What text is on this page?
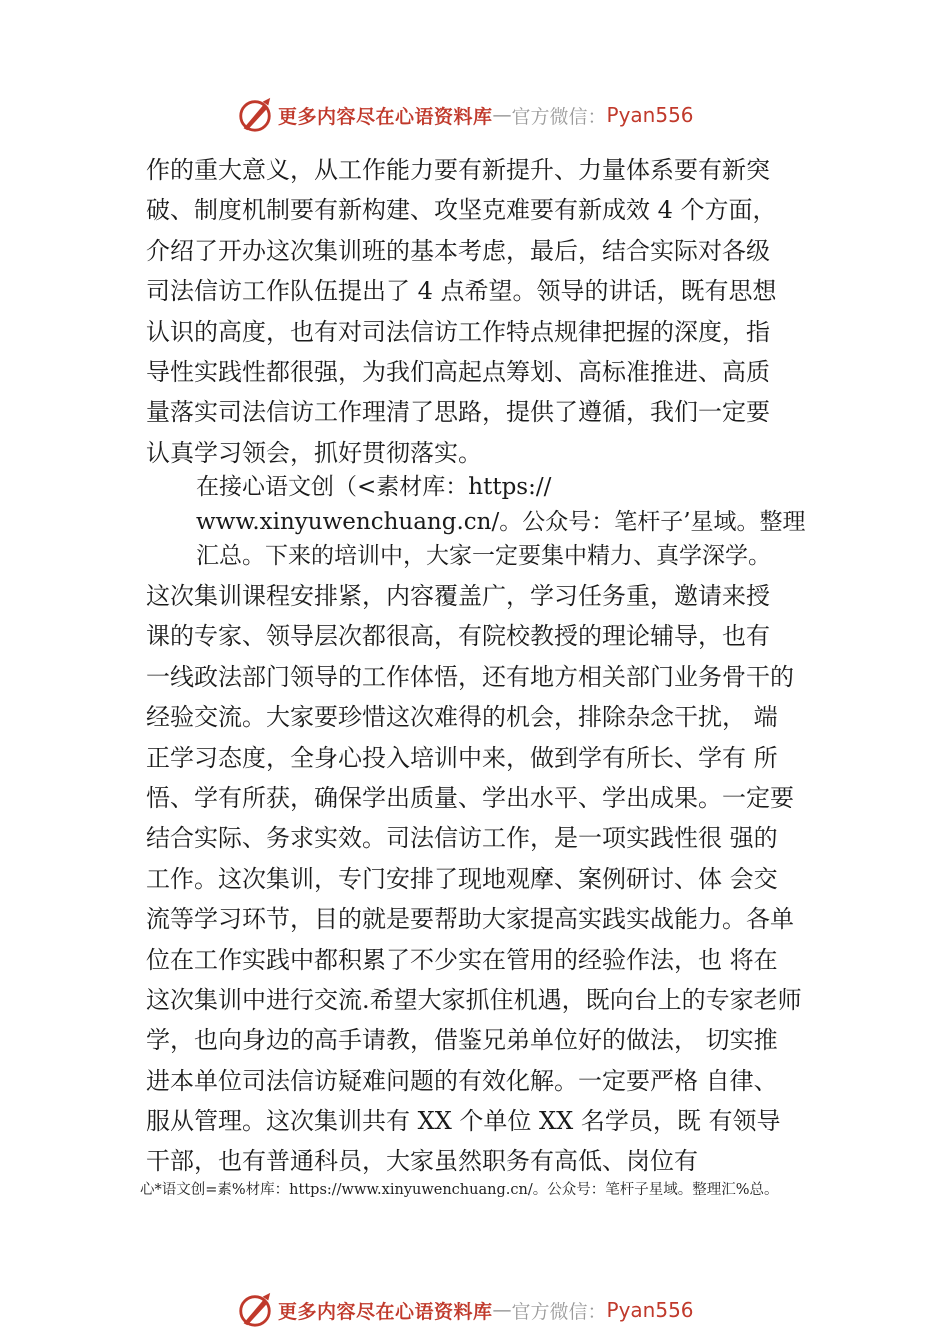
更多内容尽在心语资料库 — 官方微信： Pyan556
作的重大意义，从工作能力要有新提升、力量体系要有新突
破、制度机制要有新构建、攻坚克难要有新成效 4 个方面，
介绍了开办这次集训班的基本考虑，最后，结合实际对各级
司法信访工作队伍提出了 4 点希望。领导的讲话，既有思想
认识的高度，也有对司法信访工作特点规律把握的深度，指
导性实践性都很强，为我们高起点筹划、高标准推进、高质
量落实司法信访工作理清了思路，提供了遵循，我们一定要
认真学习领会，抓好贯彻落实。
在接心语文创（<素材库：https://
www.xinyuwenchuang.cn/。公众号：笔杆子’星域。整理
汇总。下来的培训中，大家一定要集中精力、真学深学。
这次集训课程安排紧，内容覆盖广，学习任务重，邀请来授
课的专家、领导层次都很高，有院校教授的理论辅导，也有
一线政法部门领导的工作体悟，还有地方相关部门业务骨干的
经验交流。大家要珍惜这次难得的机会，排除杂念干扰， 端
正学习态度，全身心投入培训中来，做到学有所长、学有 所
悟、学有所获，确保学出质量、学出水平、学出成果。一定要
结合实际、务求实效。司法信访工作，是一项实践性很 强的
工作。这次集训，专门安排了现地观摩、案例研讨、体 会交
流等学习环节，目的就是要帮助大家提高实践实战能力。各单
位在工作实践中都积累了不少实在管用的经验作法，也 将在
这次集训中进行交流.希望大家抓住机遇，既向台上的专家老师
学，也向身边的高手请教，借鉴兄弟单位好的做法， 切实推
进本单位司法信访疑难问题的有效化解。一定要严格 自律、
服从管理。这次集训共有 XX 个单位 XX 名学员，既 有领导
干部，也有普通科员，大家虽然职务有高低、岗位有
心*语文创=素%材库：https://www.xinyuwenchuang.cn/。公众号：笔杆子星域。整理汇%总。
更多内容尽在心语资料库 — 官方微信： Pyan556
